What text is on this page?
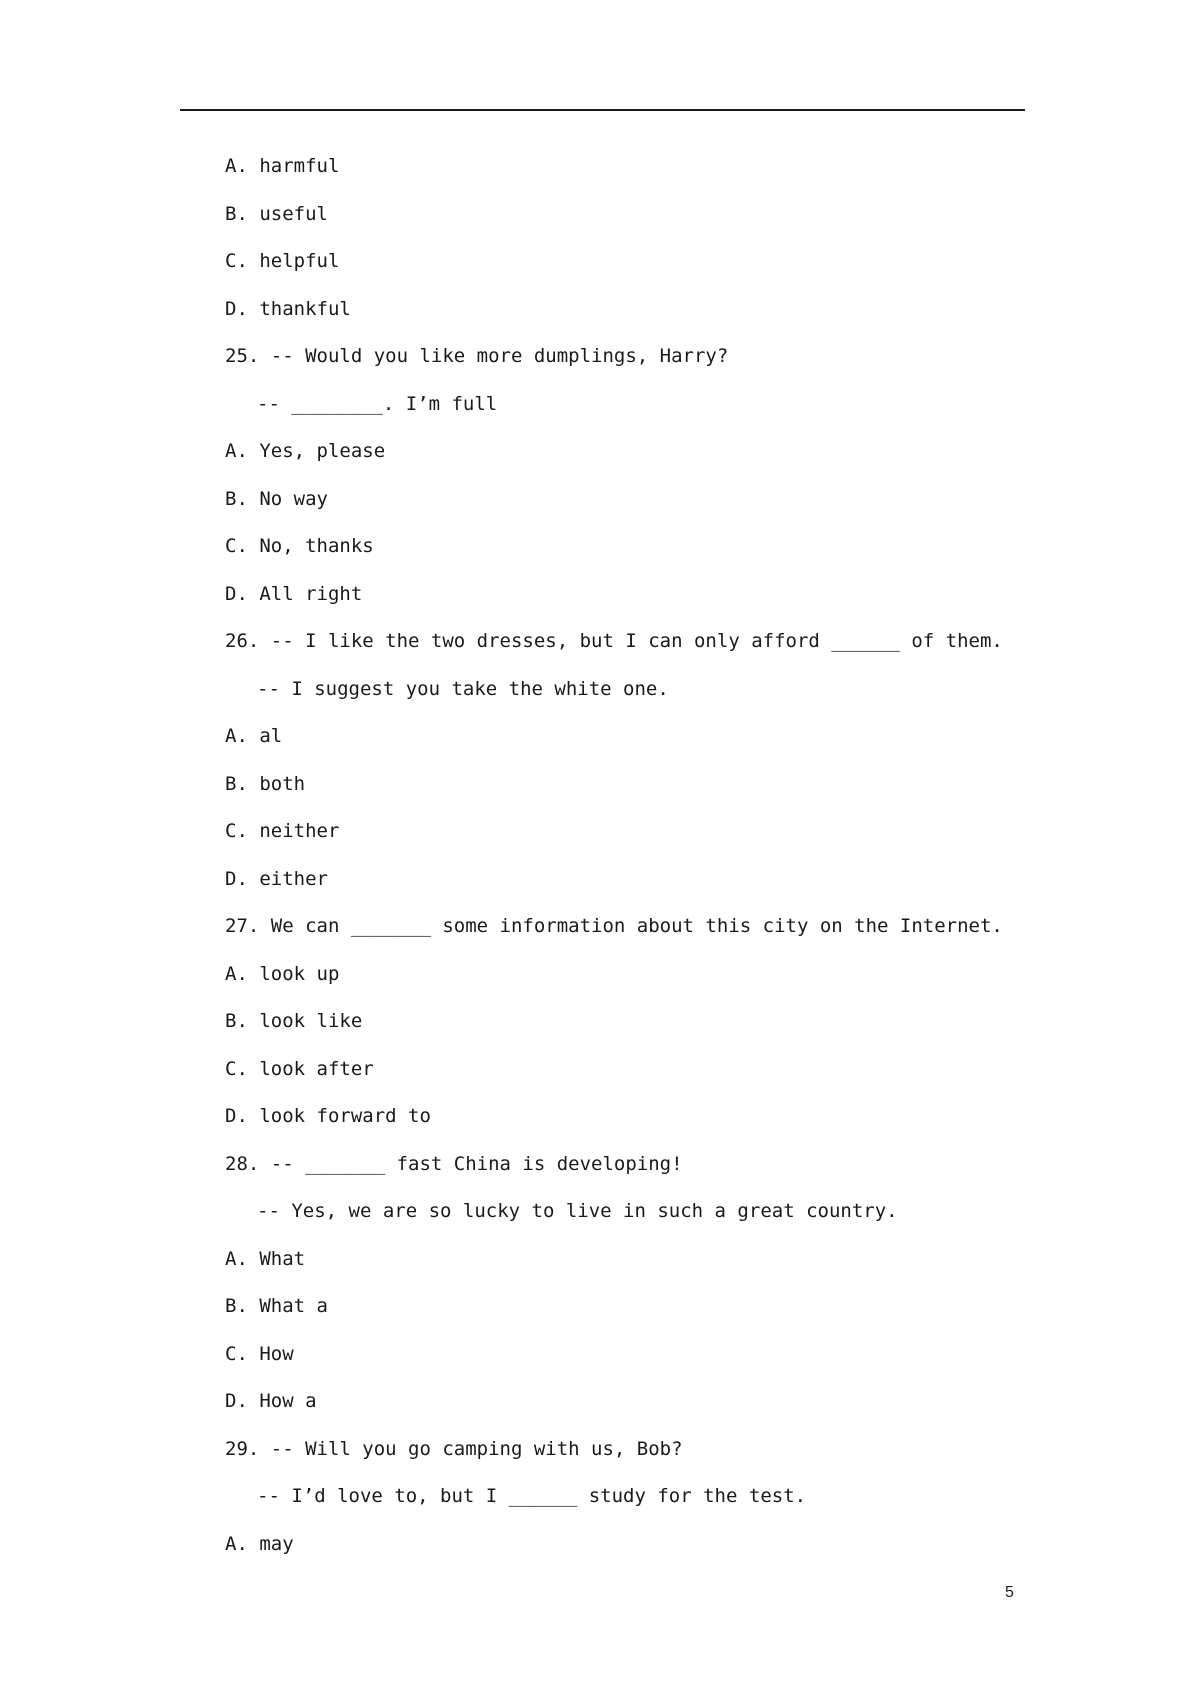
A. harmful
B. useful
C. helpful
D. thankful
25. -- Would you like more dumplings, Harry?
-- ________. I’m full
A. Yes, please
B. No way
C. No, thanks
D. All right
26. -- I like the two dresses, but I can only afford ______ of them.
-- I suggest you take the white one.
A. al
B. both
C. neither
D. either
27. We can _______ some information about this city on the Internet.
A. look up
B. look like
C. look after
D. look forward to
28. -- _______ fast China is developing!
-- Yes, we are so lucky to live in such a great country.
A. What
B. What a
C. How
D. How a
29. -- Will you go camping with us, Bob?
-- I’d love to, but I ______ study for the test.
A. may
5
